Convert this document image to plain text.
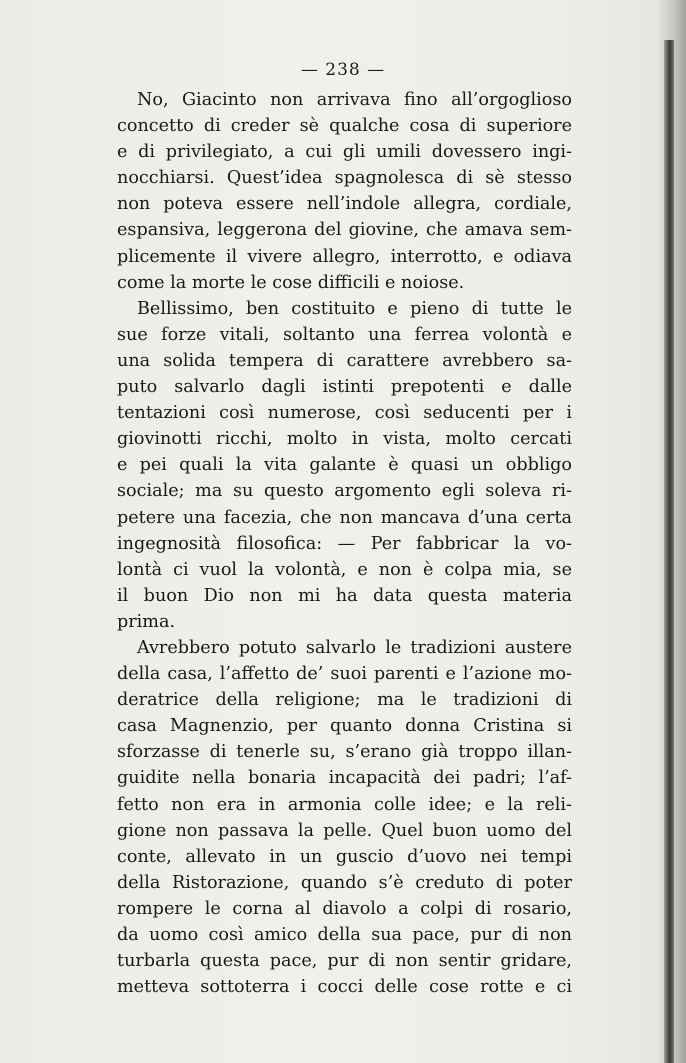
— 238 —
No, Giacinto non arrivava fino all’orgoglioso
concetto di creder sè qualche cosa di superiore
e di privilegiato, a cui gli umili dovessero ingi-
nocchiarsi. Quest’idea spagnolesca di sè stesso
non poteva essere nell’indole allegra, cordiale,
espansiva, leggerona del giovine, che amava sem-
plicemente il vivere allegro, interrotto, e odiava
come la morte le cose difficili e noiose.
Bellissimo, ben costituito e pieno di tutte le
sue forze vitali, soltanto una ferrea volontà e
una solida tempera di carattere avrebbero sa-
puto salvarlo dagli istinti prepotenti e dalle
tentazioni così numerose, così seducenti per i
giovinotti ricchi, molto in vista, molto cercati
e pei quali la vita galante è quasi un obbligo
sociale; ma su questo argomento egli soleva ri-
petere una facezia, che non mancava d’una certa
ingegnosità filosofica: — Per fabbricar la vo-
lontà ci vuol la volontà, e non è colpa mia, se
il buon Dio non mi ha data questa materia
prima.
Avrebbero potuto salvarlo le tradizioni austere
della casa, l’affetto de’ suoi parenti e l’azione mo-
deratrice della religione; ma le tradizioni di
casa Magnenzio, per quanto donna Cristina si
sforzasse di tenerle su, s’erano già troppo illan-
guidite nella bonaria incapacità dei padri; l’af-
fetto non era in armonia colle idee; e la reli-
gione non passava la pelle. Quel buon uomo del
conte, allevato in un guscio d’uovo nei tempi
della Ristorazione, quando s’è creduto di poter
rompere le corna al diavolo a colpi di rosario,
da uomo così amico della sua pace, pur di non
turbarla questa pace, pur di non sentir gridare,
metteva sottoterra i cocci delle cose rotte e ci
